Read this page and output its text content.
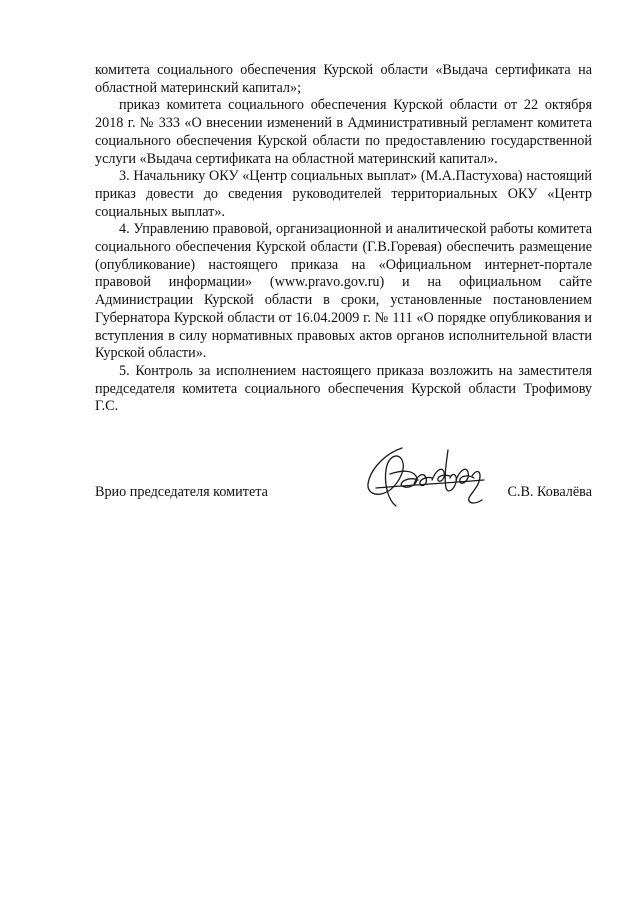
комитета социального обеспечения Курской области «Выдача сертификата на областной материнский капитал»;

приказ комитета социального обеспечения Курской области от 22 октября 2018 г. № 333 «О внесении изменений в Административный регламент комитета социального обеспечения Курской области по предоставлению государственной услуги «Выдача сертификата на областной материнский капитал».

3. Начальнику ОКУ «Центр социальных выплат» (М.А.Пастухова) настоящий приказ довести до сведения руководителей территориальных ОКУ «Центр социальных выплат».

4. Управлению правовой, организационной и аналитической работы комитета социального обеспечения Курской области (Г.В.Горевая) обеспечить размещение (опубликование) настоящего приказа на «Официальном интернет-портале правовой информации» (www.pravo.gov.ru) и на официальном сайте Администрации Курской области в сроки, установленные постановлением Губернатора Курской области от 16.04.2009 г. № 111 «О порядке опубликования и вступления в силу нормативных правовых актов органов исполнительной власти Курской области».

5. Контроль за исполнением настоящего приказа возложить на заместителя председателя комитета социального обеспечения Курской области Трофимову Г.С.

Врио председателя комитета	С.В. Ковалёва
